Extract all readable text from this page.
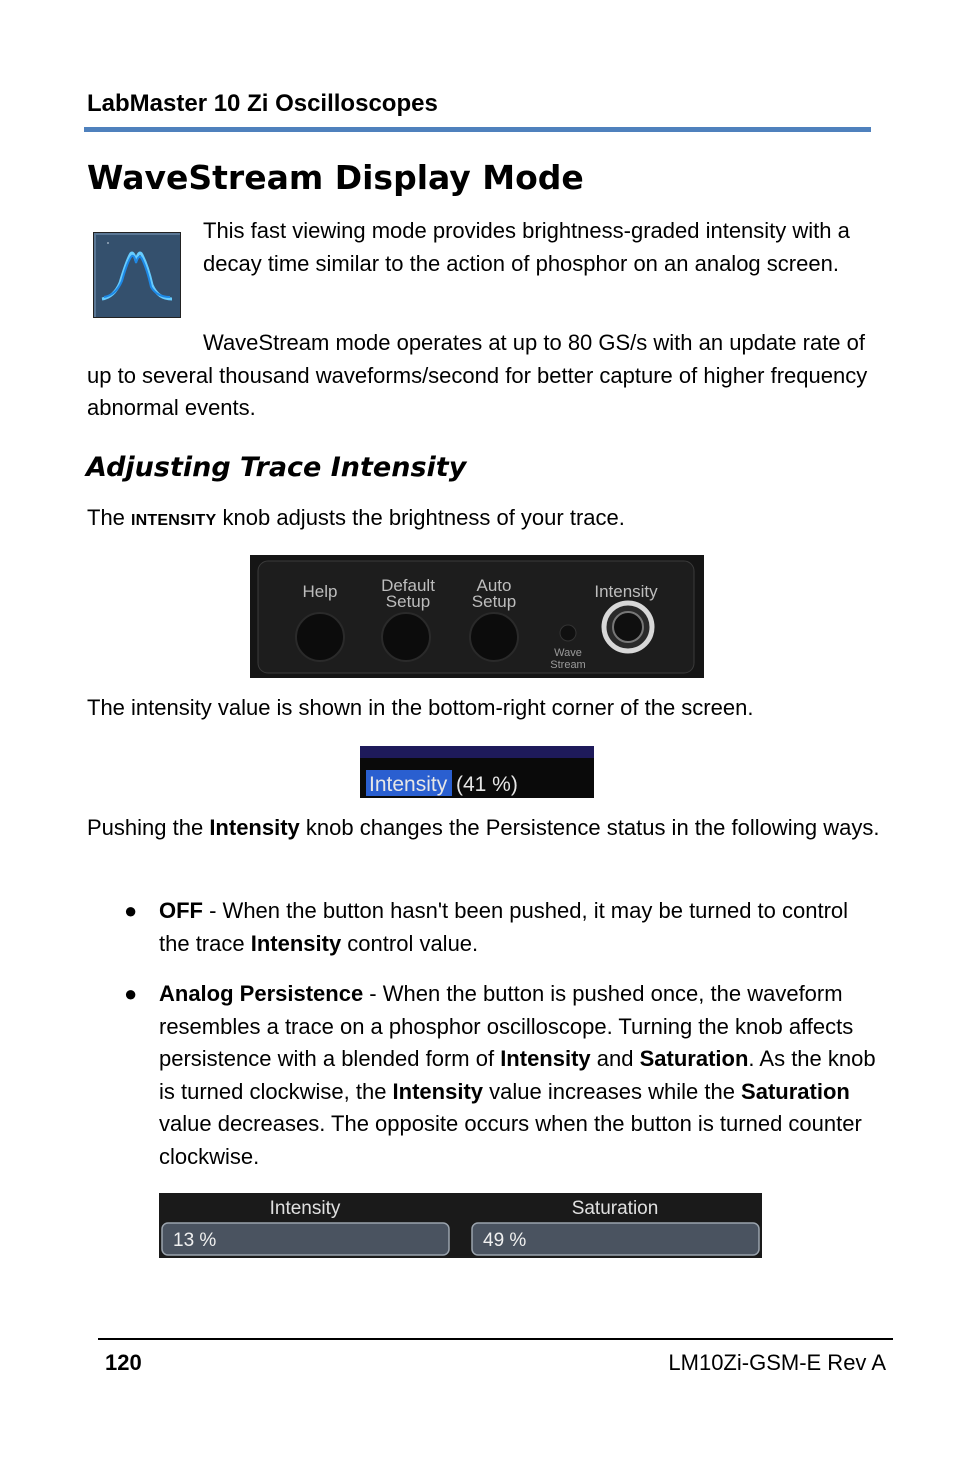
LabMaster 10 Zi Oscilloscopes
WaveStream Display Mode

This fast viewing mode provides brightness-graded intensity with a decay time similar to the action of phosphor on an analog screen.

WaveStream mode operates at up to 80 GS/s with an update rate of up to several thousand waveforms/second for better capture of higher frequency abnormal events.

Adjusting Trace Intensity

The INTENSITY knob adjusts the brightness of your trace.

Help	Default
Setup
Auto
Setup
Intensity
Wave
Stream

The intensity value is shown in the bottom-right corner of the screen.

Intensity (41 %)

Pushing the Intensity knob changes the Persistence status in the following ways.

● OFF - When the button hasn't been pushed, it may be turned to control the trace Intensity control value.
● Analog Persistence - When the button is pushed once, the waveform resembles a trace on a phosphor oscilloscope. Turning the knob affects persistence with a blended form of Intensity and Saturation. As the knob is turned clockwise, the Intensity value increases while the Saturation value decreases. The opposite occurs when the button is turned counter clockwise.
Intensity	Saturation
13 %	49 %
120	LM10Zi-GSM-E Rev A
